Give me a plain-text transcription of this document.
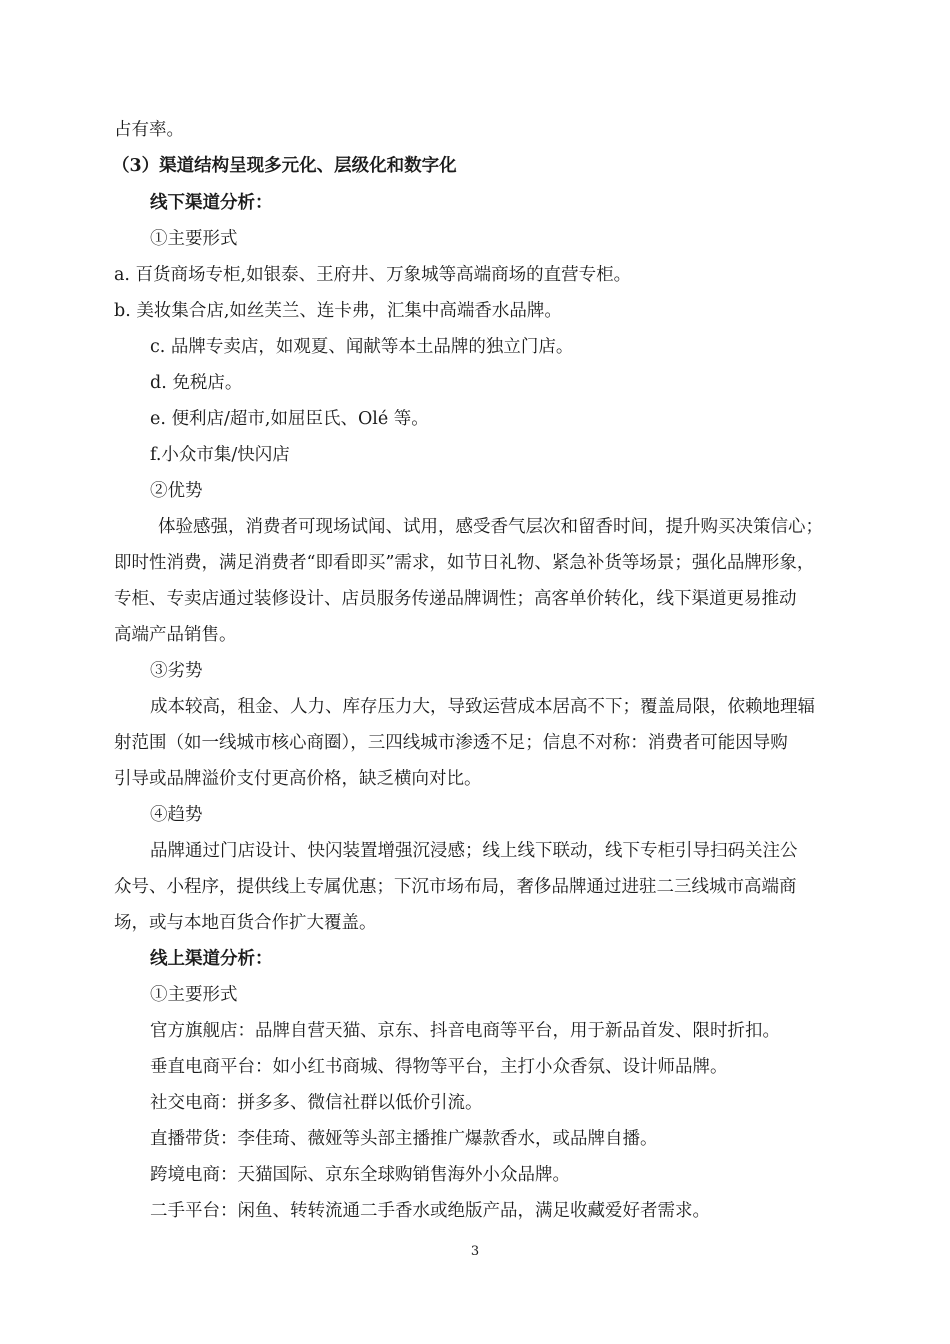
占有率。
（3）渠道结构呈现多元化、层级化和数字化
线下渠道分析：
①主要形式
a. 百货商场专柜,如银泰、王府井、万象城等高端商场的直营专柜。
b. 美妆集合店,如丝芙兰、连卡弗，汇集中高端香水品牌。
c. 品牌专卖店，如观夏、闻献等本土品牌的独立门店。
d. 免税店。
e. 便利店/超市,如屈臣氏、Olé 等。
f.小众市集/快闪店
②优势
体验感强，消费者可现场试闻、试用，感受香气层次和留香时间，提升购买决策信心；
即时性消费，满足消费者“即看即买”需求，如节日礼物、紧急补货等场景；强化品牌形象，
专柜、专卖店通过装修设计、店员服务传递品牌调性；高客单价转化，线下渠道更易推动
高端产品销售。
③劣势
成本较高，租金、人力、库存压力大，导致运营成本居高不下；覆盖局限，依赖地理辐
射范围（如一线城市核心商圈），三四线城市渗透不足；信息不对称：消费者可能因导购
引导或品牌溢价支付更高价格，缺乏横向对比。
④趋势
品牌通过门店设计、快闪装置增强沉浸感；线上线下联动，线下专柜引导扫码关注公
众号、小程序，提供线上专属优惠；下沉市场布局，奢侈品牌通过进驻二三线城市高端商
场，或与本地百货合作扩大覆盖。
线上渠道分析：
①主要形式
官方旗舰店：品牌自营天猫、京东、抖音电商等平台，用于新品首发、限时折扣。
垂直电商平台：如小红书商城、得物等平台，主打小众香氛、设计师品牌。
社交电商：拼多多、微信社群以低价引流。
直播带货：李佳琦、薇娅等头部主播推广爆款香水，或品牌自播。
跨境电商：天猫国际、京东全球购销售海外小众品牌。
二手平台：闲鱼、转转流通二手香水或绝版产品，满足收藏爱好者需求。
3
